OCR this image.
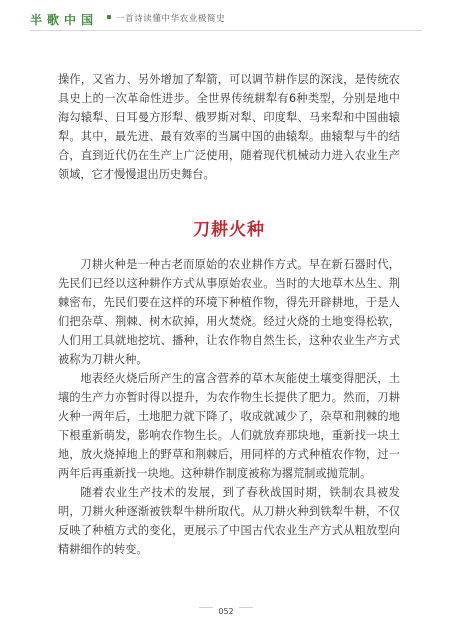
半歌中国 一首诗读懂中华农业极简史

操作，又省力、另外增加了犁箭，可以调节耕作层的深浅，是传统农具史上的一次革命性进步。全世界传统耕犁有6种类型，分别是地中海勾辕犁、日耳曼方形犁、俄罗斯对犁、印度犁、马来犁和中国曲辕犁。其中，最先进、最有效率的当属中国的曲辕犁。曲辕犁与牛的结合，直到近代仍在生产上广泛使用，随着现代机械动力进入农业生产领域，它才慢慢退出历史舞台。

刀耕火种

刀耕火种是一种古老而原始的农业耕作方式。早在新石器时代，先民们已经以这种耕作方式从事原始农业。当时的大地草木丛生、荆棘密布，先民们要在这样的环境下种植作物，得先开辟耕地，于是人们把杂草、荆棘、树木砍掉，用火焚烧。经过火烧的土地变得松软，人们用工具就地挖坑、播种，让农作物自然生长，这种农业生产方式被称为刀耕火种。

地表经火烧后所产生的富含营养的草木灰能使土壤变得肥沃，土壤的生产力亦暂时得以提升，为农作物生长提供了肥力。然而，刀耕火种一两年后，土地肥力就下降了，收成就减少了，杂草和荆棘的地下根重新萌发，影响农作物生长。人们就放弃那块地，重新找一块土地，放火烧掉地上的野草和荆棘后，用同样的方式种植农作物，过一两年后再重新找一块地。这种耕作制度被称为撂荒制或抛荒制。

随着农业生产技术的发展，到了春秋战国时期，铁制农具被发明，刀耕火种逐渐被铁犁牛耕所取代。从刀耕火种到铁犁牛耕，不仅反映了种植方式的变化，更展示了中国古代农业生产方式从粗放型向精耕细作的转变。

052
